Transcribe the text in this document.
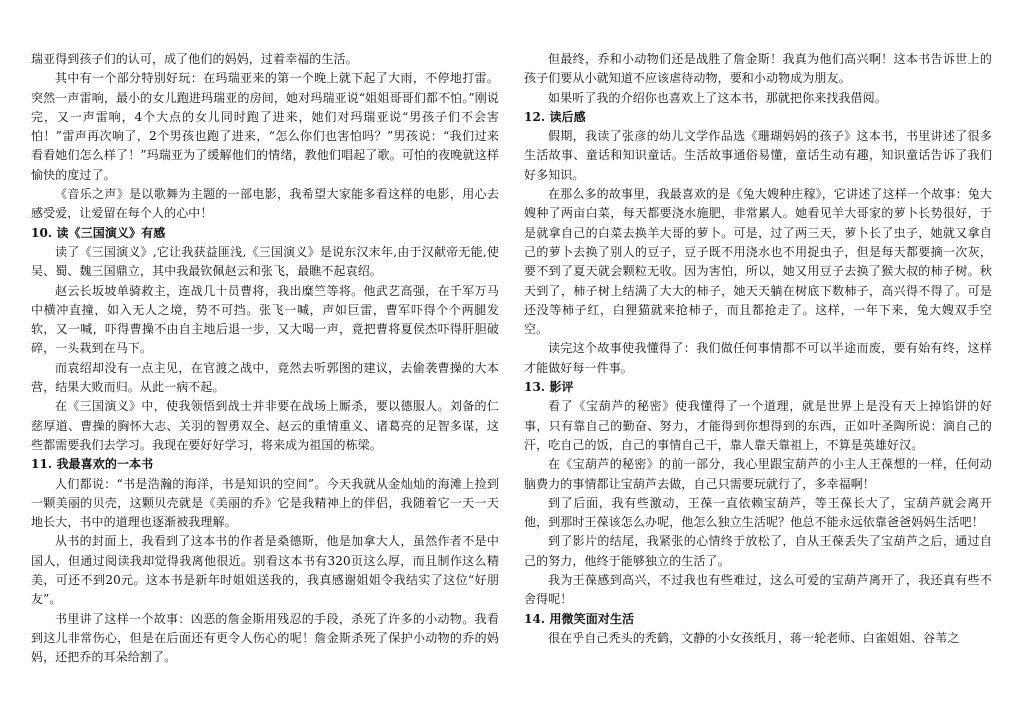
瑞亚得到孩子们的认可，成了他们的妈妈，过着幸福的生活。

其中有一个部分特别好玩：在玛瑞亚来的第一个晚上就下起了大雨，不停地打雷。突然一声雷响，最小的女儿跑进玛瑞亚的房间，她对玛瑞亚说“姐姐哥哥们都不怕。”刚说完，又一声雷响，4个大点的女儿同时跑了进来，她们对玛瑞亚说“男孩子们不会害怕！”雷声再次响了，2个男孩也跑了进来，“怎么你们也害怕吗？”男孩说：“我们过来看看她们怎么样了！”玛瑞亚为了缓解他们的情绪，教他们唱起了歌。可怕的夜晚就这样愉快的度过了。

《音乐之声》是以歌舞为主题的一部电影，我希望大家能多看这样的电影，用心去感受爱，让爱留在每个人的心中！

10. 读《三国演义》有感

读了《三国演义》,它让我获益匪浅,《三国演义》是说东汉末年,由于汉献帝无能,使吴、蜀、魏三国鼎立，其中我最钦佩赵云和张飞，最瞧不起袁绍。

赵云长坂坡单骑救主，连战几十员曹将，我出糜竺等将。他武艺高强，在千军万马中横冲直撞，如入无人之境，势不可挡。张飞一喊，声如巨雷，曹军吓得个个两腿发软，又一喊，吓得曹操不由自主地后退一步，又大喝一声，竟把曹将夏侯杰吓得肝胆破碎，一头栽到在马下。

而袁绍却没有一点主见，在官渡之战中，竟然去听郭图的建议，去偷袭曹操的大本营，结果大败而归。从此一病不起。

在《三国演义》中，使我领悟到战士并非要在战场上厮杀，要以德服人。刘备的仁慈厚道、曹操的胸怀大志、关羽的智勇双全、赵云的重情重义、诸葛亮的足智多谋，这些都需要我们去学习。我现在要好好学习，将来成为祖国的栋梁。

11. 我最喜欢的一本书

人们都说：“书是浩瀚的海洋，书是知识的空间”。今天我就从金灿灿的海滩上捡到一颗美丽的贝壳，这颗贝壳就是《美丽的乔》它是我精神上的伴侣，我随着它一天一天地长大，书中的道理也逐渐被我理解。

从书的封面上，我看到了这本书的作者是桑德斯，他是加拿大人，虽然作者不是中国人，但通过阅读我却觉得我离他很近。别看这本书有320页这么厚，而且制作这么精美，可还不到20元。这本书是新年时姐姐送我的，我真感谢姐姐令我结实了这位“好朋友”。

书里讲了这样一个故事：凶恶的詹金斯用残忍的手段，杀死了许多的小动物。我看到这儿非常伤心，但是在后面还有更令人伤心的呢！詹金斯杀死了保护小动物的乔的妈妈，还把乔的耳朵给割了。

但最终，乔和小动物们还是战胜了詹金斯！我真为他们高兴啊！这本书告诉世上的孩子们要从小就知道不应该虐待动物，要和小动物成为朋友。

如果听了我的介绍你也喜欢上了这本书，那就把你来找我借阅。

12. 读后感

假期，我读了张彦的幼儿文学作品选《珊瑚妈妈的孩子》这本书，书里讲述了很多生活故事、童话和知识童话。生活故事通俗易懂，童话生动有趣，知识童话告诉了我们好多知识。

在那么多的故事里，我最喜欢的是《兔大嫂种庄稼》，它讲述了这样一个故事：兔大嫂种了两亩白菜，每天都要浇水施肥，非常累人。她看见羊大哥家的萝卜长势很好，于是就拿自己的白菜去换羊大哥的萝卜。可是，过了两三天，萝卜长了虫子，她就又拿自己的萝卜去换了别人的豆子，豆子既不用浇水也不用捉虫子，但是每天都要摘一次灰，要不到了夏天就会颗粒无收。因为害怕，所以，她又用豆子去换了猴大叔的柿子树。秋天到了，柿子树上结满了大大的柿子，她天天躺在树底下数柿子，高兴得不得了。可是还没等柿子红，白狸猫就来抢柿子，而且都抢走了。这样，一年下来，兔大嫂双手空空。

读完这个故事使我懂得了：我们做任何事情都不可以半途而废，要有始有终，这样才能做好每一件事。

13. 影评

看了《宝葫芦的秘密》使我懂得了一个道理，就是世界上是没有天上掉馅饼的好事，只有靠自己的勤奋、努力，才能得到你想得到的东西，正如叶圣陶所说：滴自己的汗，吃自己的饭，自己的事情自己干，靠人靠天靠祖上，不算是英雄好汉。

在《宝葫芦的秘密》的前一部分，我心里跟宝葫芦的小主人王葆想的一样，任何动脑费力的事情都让宝葫芦去做，自己只需要玩就行了，多幸福啊！

到了后面，我有些激动，王葆一直依赖宝葫芦，等王葆长大了，宝葫芦就会离开他，到那时王葆该怎么办呢，他怎么独立生活呢？他总不能永远依靠爸爸妈妈生活吧！

到了影片的结尾，我紧张的心情终于放松了，自从王葆丢失了宝葫芦之后，通过自己的努力，他终于能够独立的生活了。

我为王葆感到高兴，不过我也有些难过，这么可爱的宝葫芦离开了，我还真有些不舍得呢！

14. 用微笑面对生活

很在乎自己秃头的秃鹤，文静的小女孩纸月，蒋一轮老师、白雀姐姐、谷苇之
